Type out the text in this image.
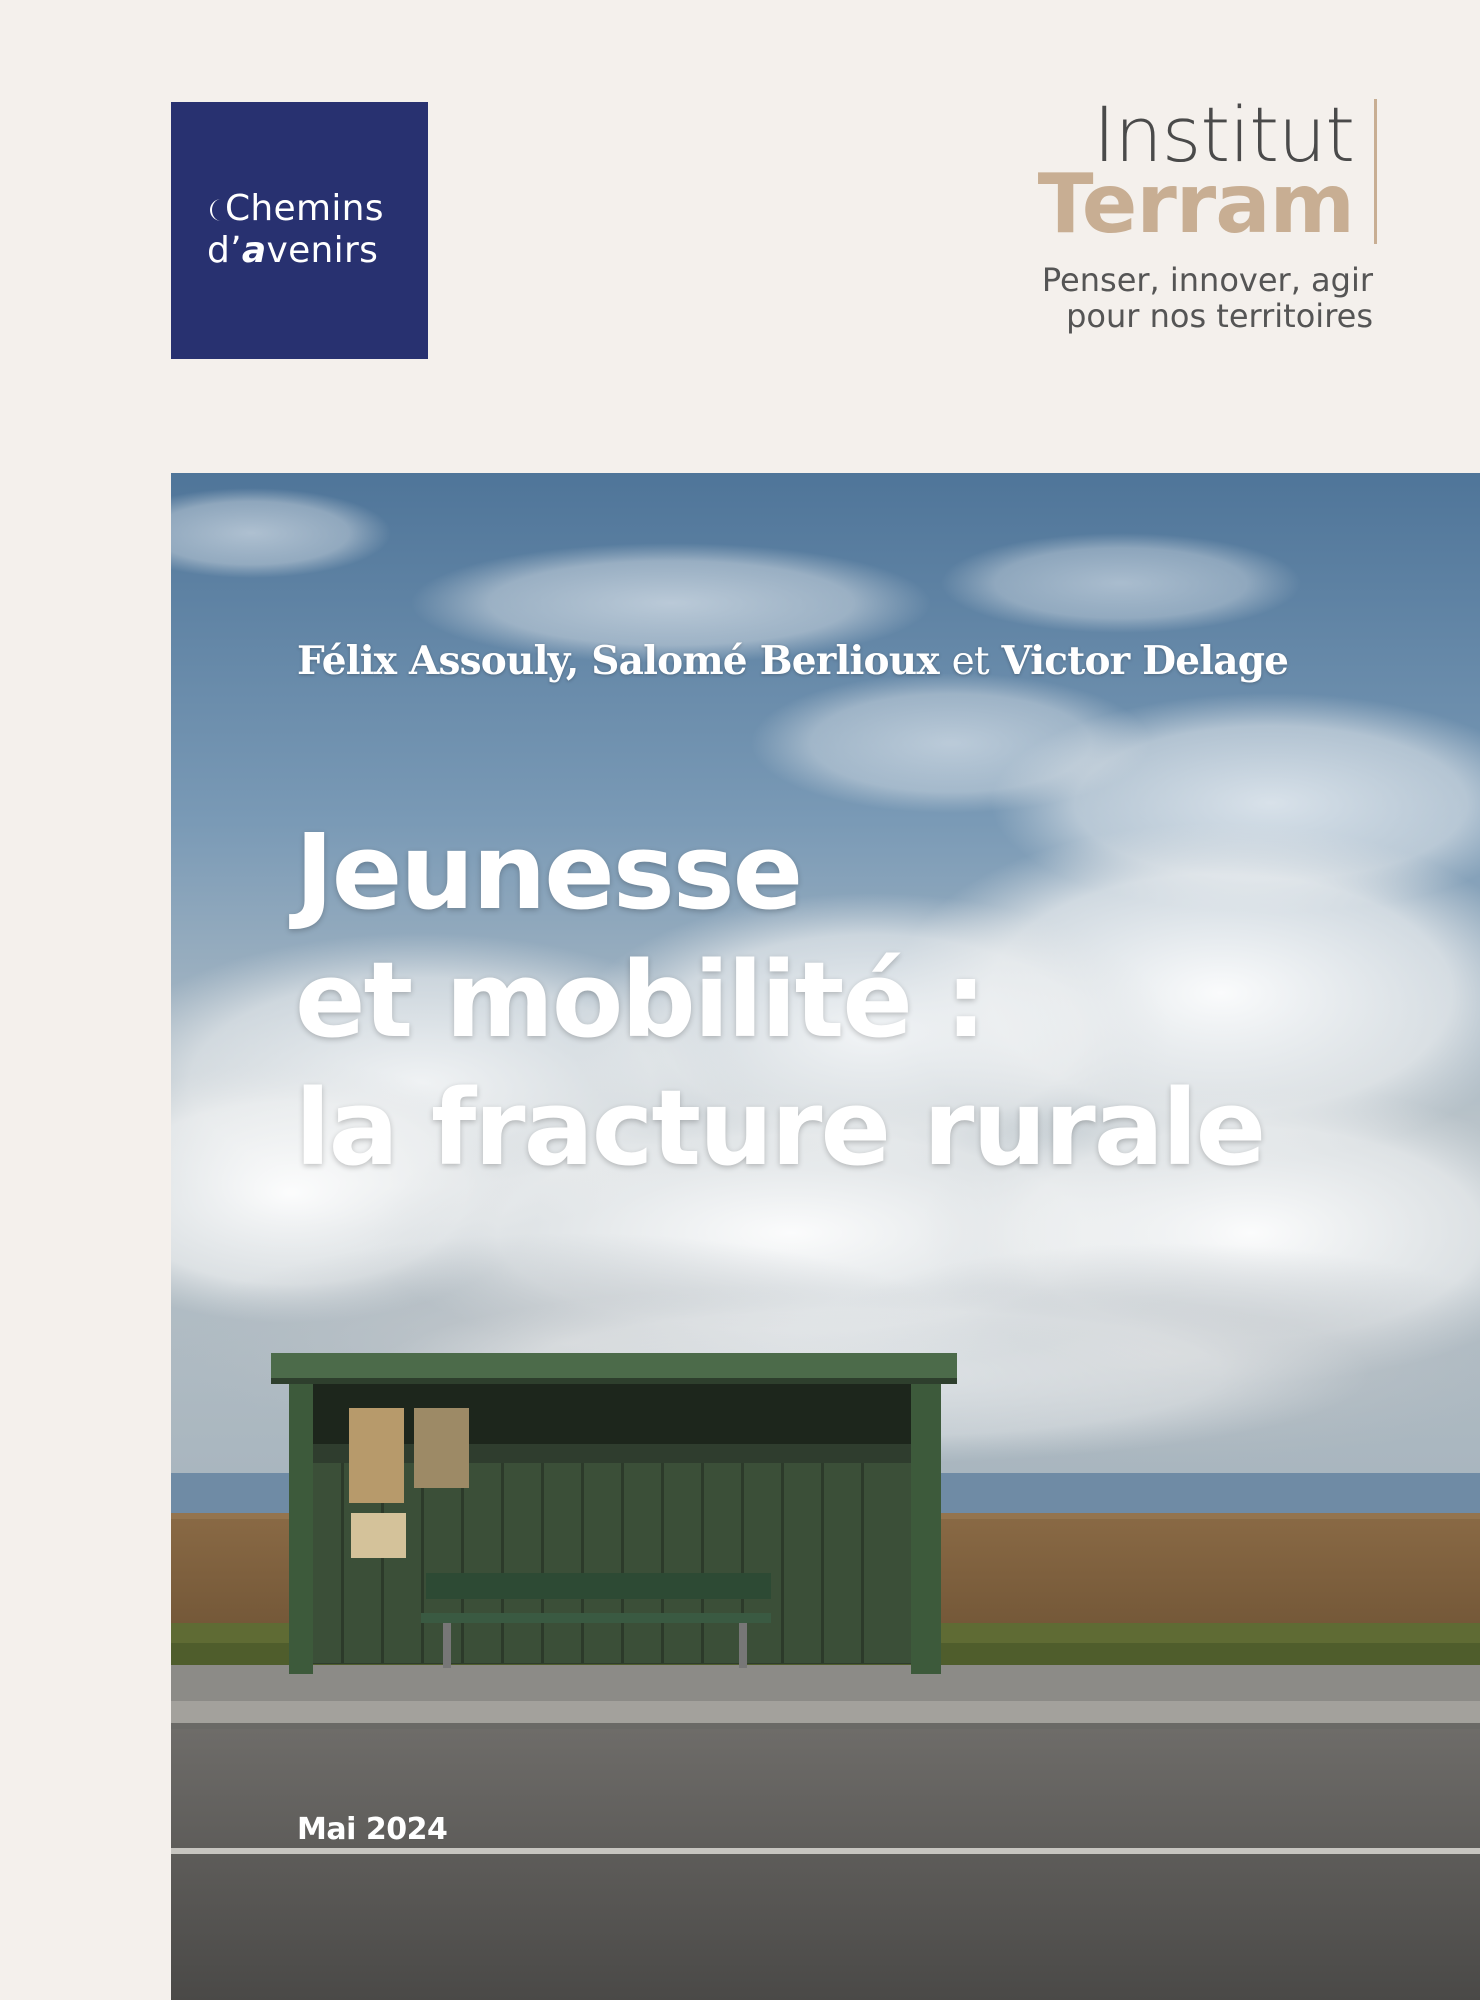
Chemins
d’avenirs
Institut
Terram
Penser, innover, agir
pour nos territoires
Félix Assouly, Salomé Berlioux et Victor Delage
Jeunesse
et mobilité :
la fracture rurale
Mai 2024
